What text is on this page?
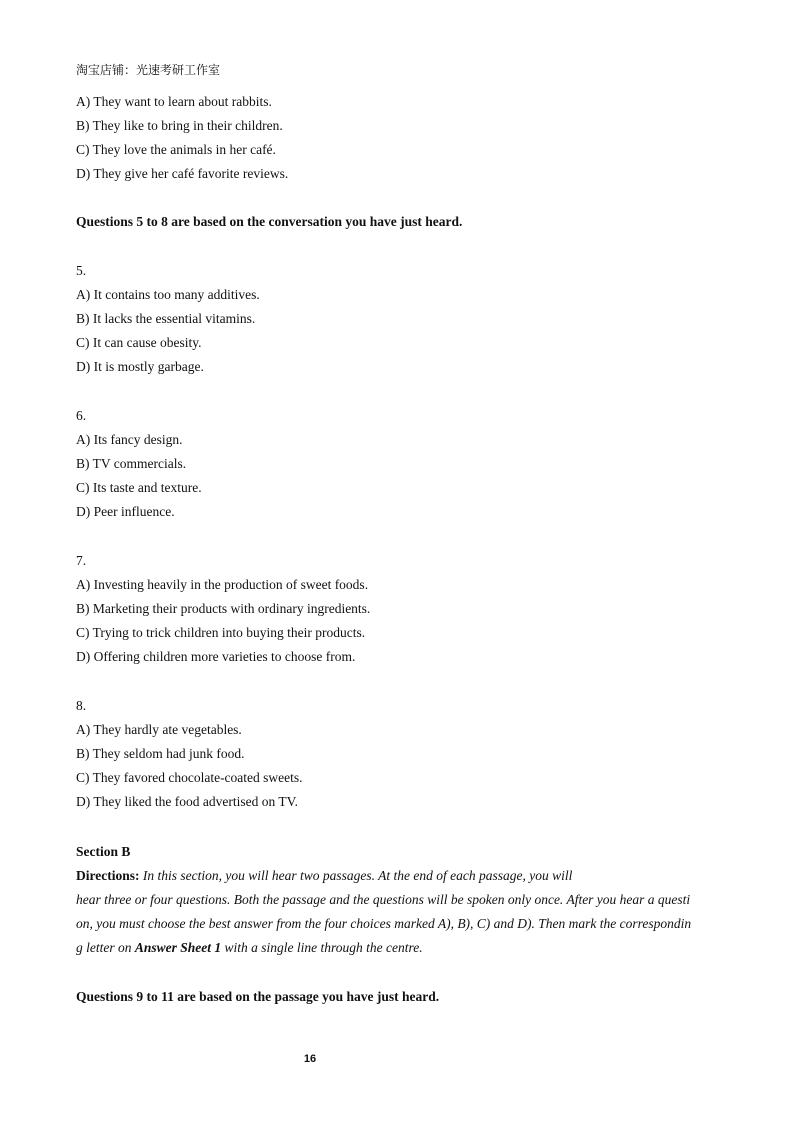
淘宝店铺：光速考研工作室
A) They want to learn about rabbits.
B) They like to bring in their children.
C) They love the animals in her café.
D) They give her café favorite reviews.
Questions 5 to 8 are based on the conversation you have just heard.
5.
A) It contains too many additives.
B) It lacks the essential vitamins.
C) It can cause obesity.
D) It is mostly garbage.
6.
A) Its fancy design.
B) TV commercials.
C) Its taste and texture.
D) Peer influence.
7.
A) Investing heavily in the production of sweet foods.
B) Marketing their products with ordinary ingredients.
C) Trying to trick children into buying their products.
D) Offering children more varieties to choose from.
8.
A) They hardly ate vegetables.
B) They seldom had junk food.
C) They favored chocolate-coated sweets.
D) They liked the food advertised on TV.
Section B
Directions: In this section, you will hear two passages. At the end of each passage, you will
hear three or four questions. Both the passage and the questions will be spoken only once. After you hear a questi
on, you must choose the best answer from the four choices marked A), B), C) and D). Then mark the correspondin
g letter on Answer Sheet 1 with a single line through the centre.
Questions 9 to 11 are based on the passage you have just heard.
16
